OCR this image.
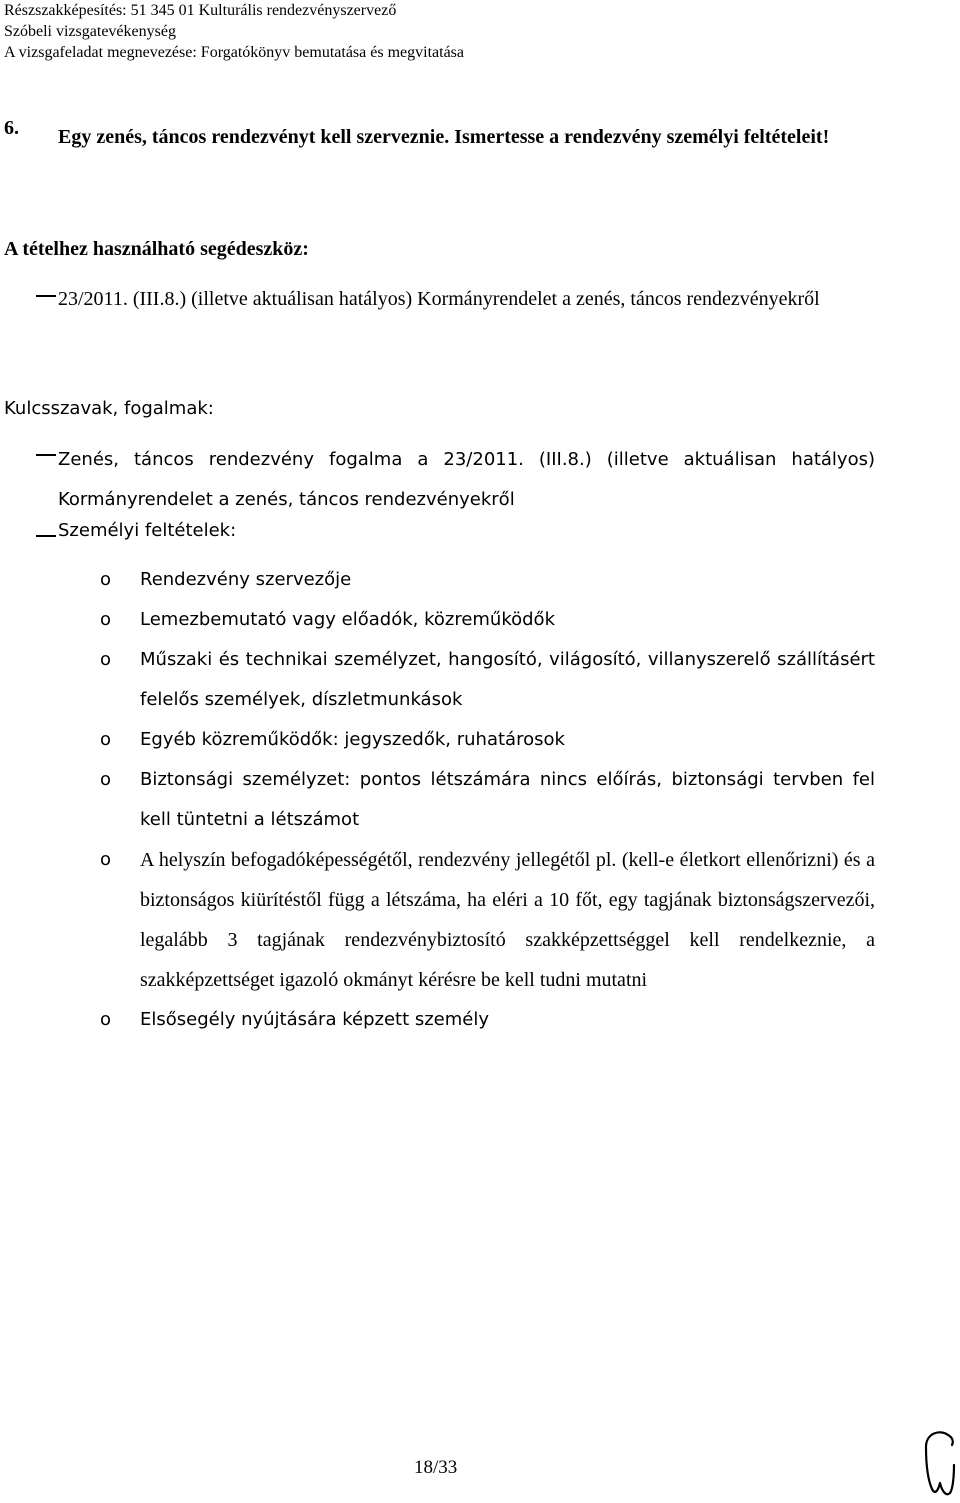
Részszakképesítés: 51 345 01 Kulturális rendezvényszervező
Szóbeli vizsgatevékenység
A vizsgafeladat megnevezése: Forgatókönyv bemutatása és megvitatása
6. Egy zenés, táncos rendezvényt kell szerveznie. Ismertesse a rendezvény személyi feltételeit!
A tételhez használható segédeszköz:
23/2011. (III.8.) (illetve aktuálisan hatályos) Kormányrendelet a zenés, táncos rendezvényekről
Kulcsszavak, fogalmak:
Zenés, táncos rendezvény fogalma a 23/2011. (III.8.) (illetve aktuálisan hatályos) Kormányrendelet a zenés, táncos rendezvényekről
Személyi feltételek:
o Rendezvény szervezője
o Lemezbemutató vagy előadók, közreműködők
o Műszaki és technikai személyzet, hangosító, világosító, villanyszerelő szállításért felelős személyek, díszletmunkások
o Egyéb közreműködők: jegyszedők, ruhatárosok
o Biztonsági személyzet: pontos létszámára nincs előírás, biztonsági tervben fel kell tüntetni a létszámot
o A helyszín befogadóképességétől, rendezvény jellegétől pl. (kell-e életkort ellenőrizni) és a biztonságos kiürítéstől függ a létszáma, ha eléri a 10 főt, egy tagjának biztonságszervezői, legalább 3 tagjának rendezvénybiztosító szakképzettséggel kell rendelkeznie, a szakképzettséget igazoló okmányt kérésre be kell tudni mutatni
o Elsősegély nyújtására képzett személy
18/33
